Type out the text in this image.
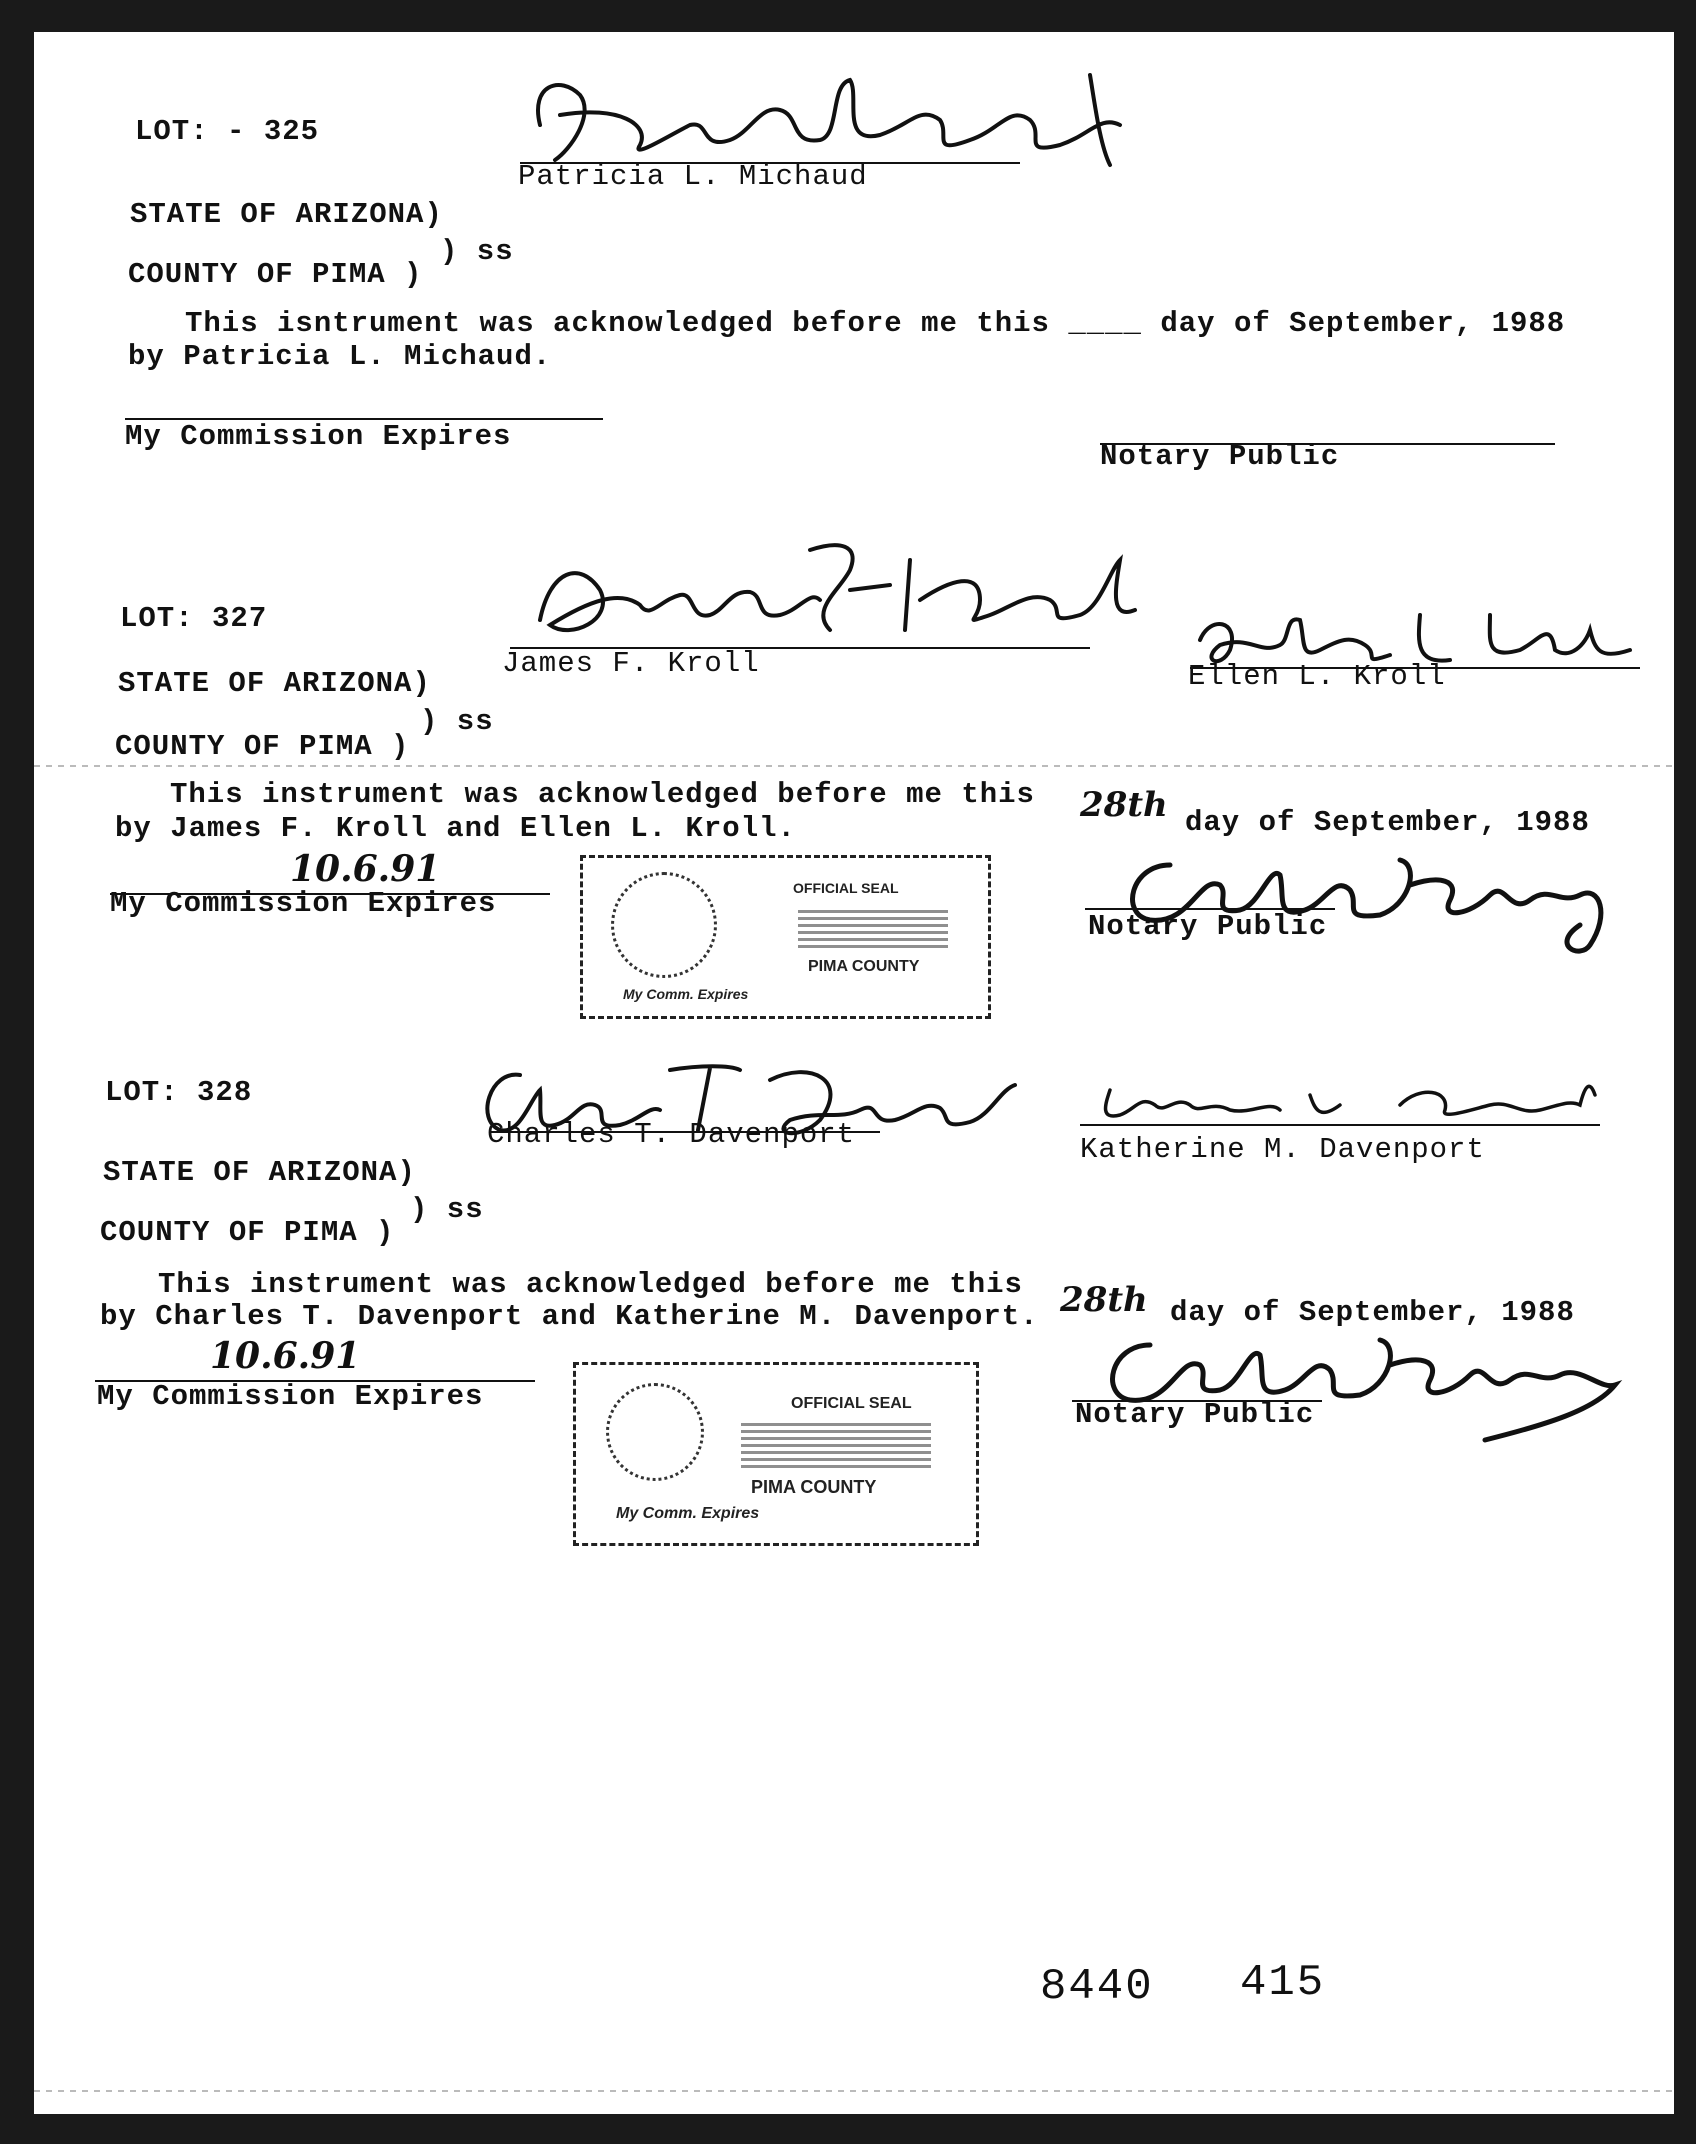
LOT: - 325
Patricia L. Michaud
STATE OF ARIZONA)
) ss
COUNTY OF PIMA )
This isntrument was acknowledged before me this ____ day of September, 1988
by Patricia L. Michaud.
My Commission Expires
Notary Public
LOT: 327
James F. Kroll	Ellen L. Kroll
STATE OF ARIZONA)
) ss
COUNTY OF PIMA )
This instrument was acknowledged before me this 28th day of September, 1988
by James F. Kroll and Ellen L. Kroll.
10.6.91
My Commission Expires	OFFICIAL SEAL
PIMA COUNTY
My Comm. Expires
Notary Public
LOT: 328
Charles T. Davenport	Katherine M. Davenport
STATE OF ARIZONA)
) ss
COUNTY OF PIMA )
This instrument was acknowledged before me this 28th day of September, 1988
by Charles T. Davenport and Katherine M. Davenport.
10.6.91
My Commission Expires	OFFICIAL SEAL
PIMA COUNTY
My Comm. Expires
Notary Public
8440 415
